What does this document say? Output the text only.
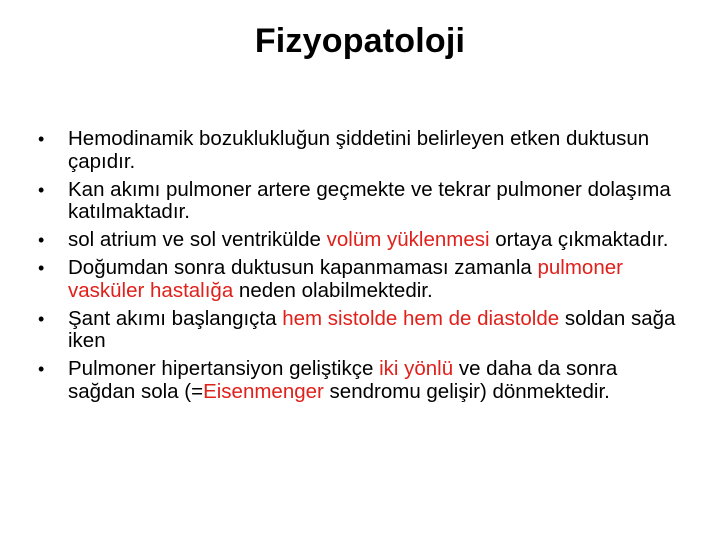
Fizyopatoloji
•	Hemodinamik bozuklukluğun şiddetini belirleyen etken duktusun çapıdır.
•	Kan akımı pulmoner artere geçmekte ve tekrar pulmoner dolaşıma katılmaktadır.
•	sol atrium ve sol ventrikülde volüm yüklenmesi ortaya çıkmaktadır.
•	Doğumdan sonra duktusun kapanmaması zamanla pulmoner vasküler hastalığa neden olabilmektedir.
•	Şant akımı başlangıçta hem sistolde hem de diastolde soldan sağa iken
•	Pulmoner hipertansiyon geliştikçe iki yönlü ve daha da sonra sağdan sola (=Eisenmenger sendromu gelişir) dönmektedir.
